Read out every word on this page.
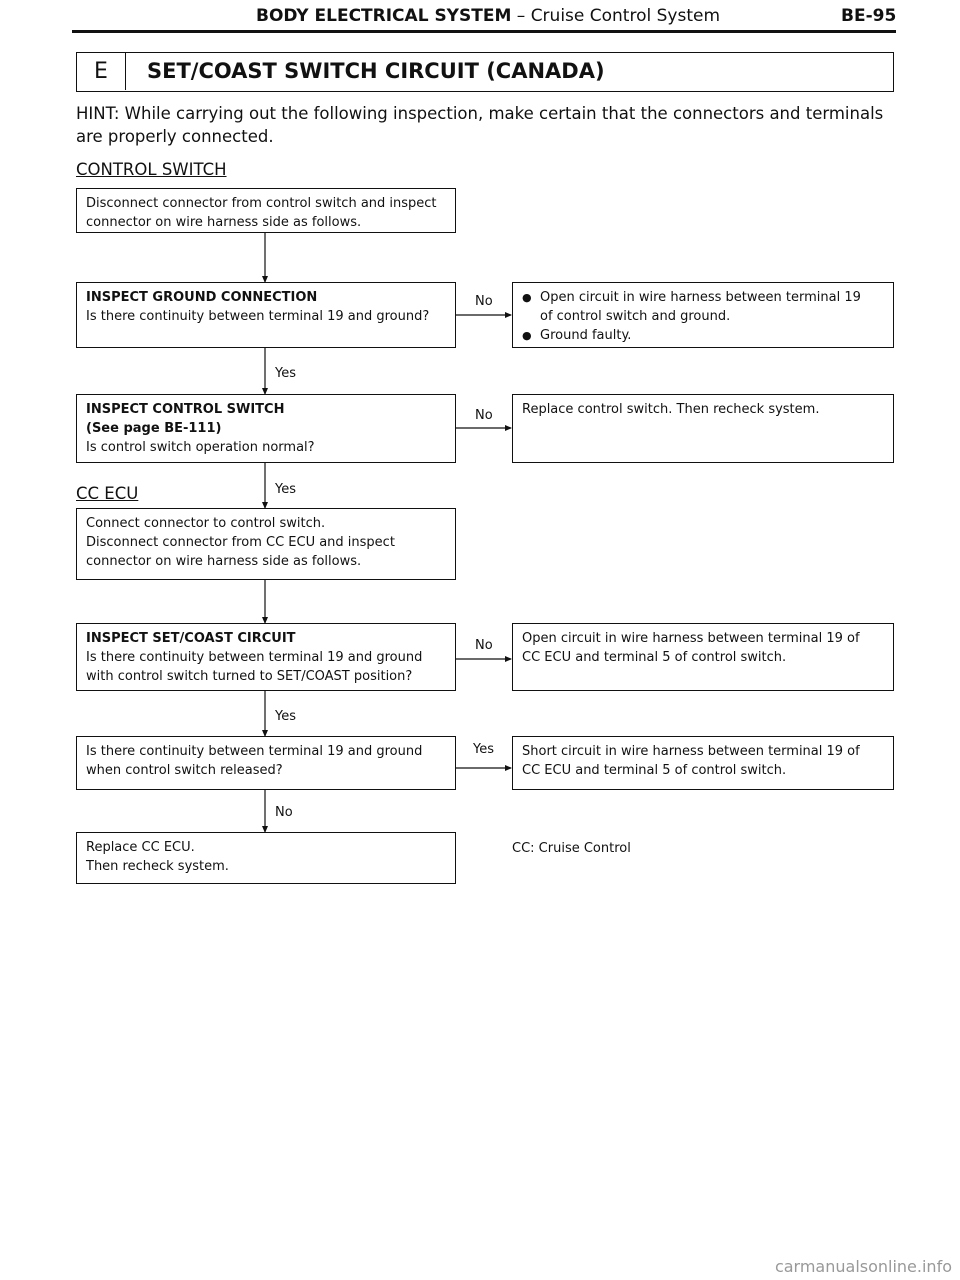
BODY ELECTRICAL SYSTEM – Cruise Control System	BE-95
E	SET/COAST SWITCH CIRCUIT (CANADA)
HINT: While carrying out the following inspection, make certain that the connectors and terminals are properly connected.
CONTROL SWITCH
CC ECU
Disconnect connector from control switch and inspect
connector on wire harness side as follows.
INSPECT GROUND CONNECTION
Is there continuity between terminal 19 and ground?
INSPECT CONTROL SWITCH
(See page BE-111)
Is control switch operation normal?
Connect connector to control switch.
Disconnect connector from CC ECU and inspect
connector on wire harness side as follows.
INSPECT SET/COAST CIRCUIT
Is there continuity between terminal 19 and ground
with control switch turned to SET/COAST position?
Is there continuity between terminal 19 and ground
when control switch released?
Replace CC ECU.
Then recheck system.
● Open circuit in wire harness between terminal 19
of control switch and ground.
● Ground faulty.
Replace control switch. Then recheck system.
Open circuit in wire harness between terminal 19 of
CC ECU and terminal 5 of control switch.
Short circuit in wire harness between terminal 19 of
CC ECU and terminal 5 of control switch.
Yes
Yes
Yes
No
No
No
No
Yes
CC: Cruise Control
carmanualsonline.info
